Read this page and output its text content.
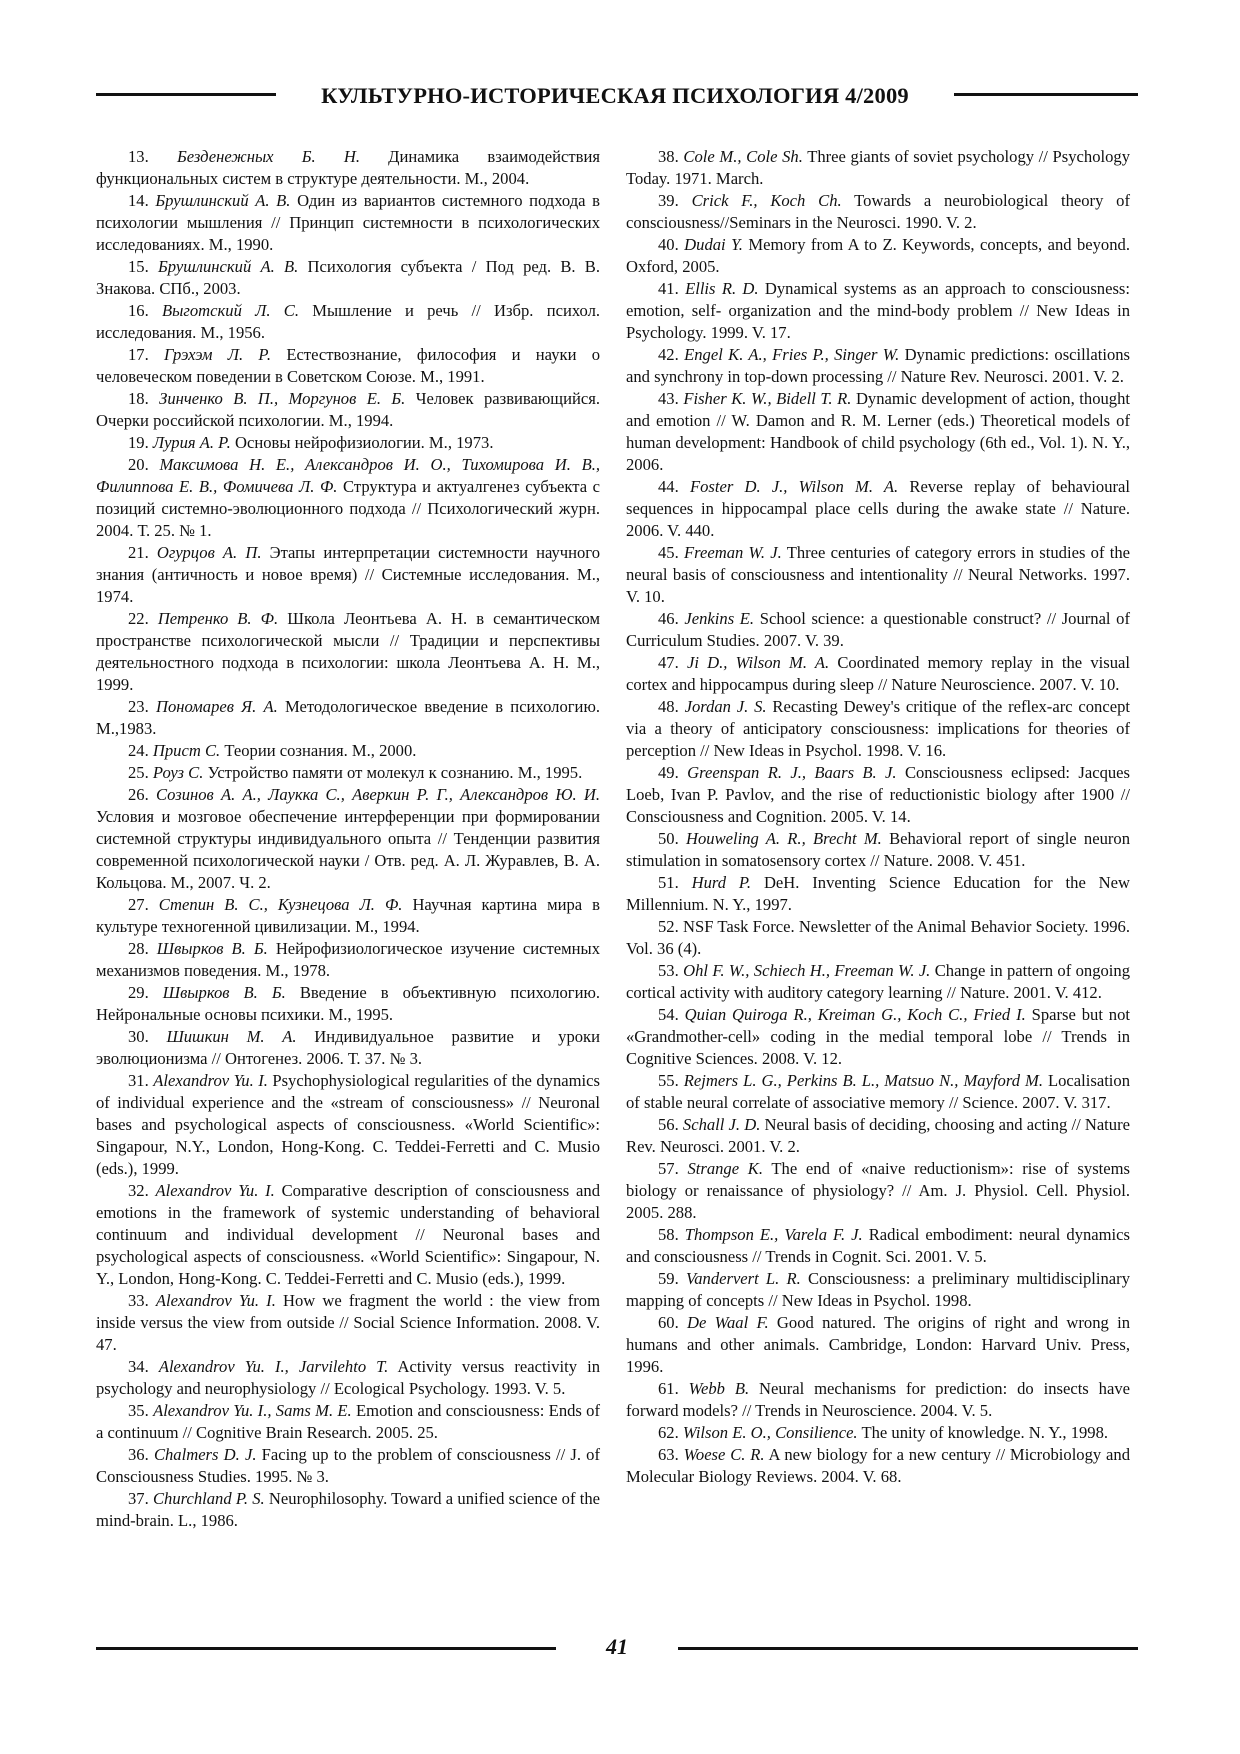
КУЛЬТУРНО-ИСТОРИЧЕСКАЯ ПСИХОЛОГИЯ 4/2009

13. Безденежных Б. Н. Динамика взаимодействия функциональных систем в структуре деятельности. М., 2004.

14. Брушлинский А. В. Один из вариантов системного подхода в психологии мышления // Принцип системности в психологических исследованиях. М., 1990.

15. Брушлинский А. В. Психология субъекта / Под ред. В. В. Знакова. СПб., 2003.

16. Выготский Л. С. Мышление и речь // Избр. психол. исследования. М., 1956.

17. Грэхэм Л. Р. Естествознание, философия и науки о человеческом поведении в Советском Союзе. М., 1991.

18. Зинченко В. П., Моргунов Е. Б. Человек развивающийся. Очерки российской психологии. М., 1994.

19. Лурия А. Р. Основы нейрофизиологии. М., 1973.

20. Максимова Н. Е., Александров И. О., Тихомирова И. В., Филиппова Е. В., Фомичева Л. Ф. Структура и актуалгенез субъекта с позиций системно-эволюционного подхода // Психологический журн. 2004. Т. 25. № 1.

21. Огурцов А. П. Этапы интерпретации системности научного знания (античность и новое время) // Системные исследования. М., 1974.

22. Петренко В. Ф. Школа Леонтьева А. Н. в семантическом пространстве психологической мысли // Традиции и перспективы деятельностного подхода в психологии: школа Леонтьева А. Н. М., 1999.

23. Пономарев Я. А. Методологическое введение в психологию. М.,1983.

24. Прист С. Теории сознания. М., 2000.

25. Роуз С. Устройство памяти от молекул к сознанию. М., 1995.

26. Созинов А. А., Лаукка С., Аверкин Р. Г., Александров Ю. И. Условия и мозговое обеспечение интерференции при формировании системной структуры индивидуального опыта // Тенденции развития современной психологической науки / Отв. ред. А. Л. Журавлев, В. А. Кольцова. М., 2007. Ч. 2.

27. Степин В. С., Кузнецова Л. Ф. Научная картина мира в культуре техногенной цивилизации. М., 1994.

28. Швырков В. Б. Нейрофизиологическое изучение системных механизмов поведения. М., 1978.

29. Швырков В. Б. Введение в объективную психологию. Нейрональные основы психики. М., 1995.

30. Шишкин М. А. Индивидуальное развитие и уроки эволюционизма // Онтогенез. 2006. Т. 37. № 3.

31. Alexandrov Yu. I. Psychophysiological regularities of the dynamics of individual experience and the «stream of consciousness» // Neuronal bases and psychological aspects of consciousness. «World Scientific»: Singapour, N.Y., London, Hong-Kong. C. Teddei-Ferretti and C. Musio (eds.), 1999.

32. Alexandrov Yu. I. Comparative description of consciousness and emotions in the framework of systemic understanding of behavioral continuum and individual development // Neuronal bases and psychological aspects of consciousness. «World Scientific»: Singapour, N. Y., London, Hong-Kong. C. Teddei-Ferretti and C. Musio (eds.), 1999.

33. Alexandrov Yu. I. How we fragment the world : the view from inside versus the view from outside // Social Science Information. 2008. V. 47.

34. Alexandrov Yu. I., Jarvilehto T. Activity versus reactivity in psychology and neurophysiology // Ecological Psychology. 1993. V. 5.

35. Alexandrov Yu. I., Sams M. E. Emotion and consciousness: Ends of a continuum // Cognitive Brain Research. 2005. 25.

36. Chalmers D. J. Facing up to the problem of consciousness // J. of Consciousness Studies. 1995. № 3.

37. Churchland P. S. Neurophilosophy. Toward a unified science of the mind-brain. L., 1986.

38. Cole M., Cole Sh. Three giants of soviet psychology // Psychology Today. 1971. March.

39. Crick F., Koch Ch. Towards a neurobiological theory of consciousness//Seminars in the Neurosci. 1990. V. 2.

40. Dudai Y. Memory from A to Z. Keywords, concepts, and beyond. Oxford, 2005.

41. Ellis R. D. Dynamical systems as an approach to consciousness: emotion, self- organization and the mind-body problem // New Ideas in Psychology. 1999. V. 17.

42. Engel K. A., Fries P., Singer W. Dynamic predictions: oscillations and synchrony in top-down processing // Nature Rev. Neurosci. 2001. V. 2.

43. Fisher K. W., Bidell T. R. Dynamic development of action, thought and emotion // W. Damon and R. M. Lerner (eds.) Theoretical models of human development: Handbook of child psychology (6th ed., Vol. 1). N. Y., 2006.

44. Foster D. J., Wilson M. A. Reverse replay of behavioural sequences in hippocampal place cells during the awake state // Nature. 2006. V. 440.

45. Freeman W. J. Three centuries of category errors in studies of the neural basis of consciousness and intentionality // Neural Networks. 1997. V. 10.

46. Jenkins E. School science: a questionable construct? // Journal of Curriculum Studies. 2007. V. 39.

47. Ji D., Wilson M. A. Coordinated memory replay in the visual cortex and hippocampus during sleep // Nature Neuroscience. 2007. V. 10.

48. Jordan J. S. Recasting Dewey's critique of the reflex-arc concept via a theory of anticipatory consciousness: implications for theories of perception // New Ideas in Psychol. 1998. V. 16.

49. Greenspan R. J., Baars B. J. Consciousness eclipsed: Jacques Loeb, Ivan P. Pavlov, and the rise of reductionistic biology after 1900 // Consciousness and Cognition. 2005. V. 14.

50. Houweling A. R., Brecht M. Behavioral report of single neuron stimulation in somatosensory cortex // Nature. 2008. V. 451.

51. Hurd P. DeH. Inventing Science Education for the New Millennium. N. Y., 1997.

52. NSF Task Force. Newsletter of the Animal Behavior Society. 1996. Vol. 36 (4).

53. Ohl F. W., Schiech H., Freeman W. J. Change in pattern of ongoing cortical activity with auditory category learning // Nature. 2001. V. 412.

54. Quian Quiroga R., Kreiman G., Koch C., Fried I. Sparse but not «Grandmother-cell» coding in the medial temporal lobe // Trends in Cognitive Sciences. 2008. V. 12.

55. Rejmers L. G., Perkins B. L., Matsuo N., Mayford M. Localisation of stable neural correlate of associative memory // Science. 2007. V. 317.

56. Schall J. D. Neural basis of deciding, choosing and acting // Nature Rev. Neurosci. 2001. V. 2.

57. Strange K. The end of «naive reductionism»: rise of systems biology or renaissance of physiology? // Am. J. Physiol. Cell. Physiol. 2005. 288.

58. Thompson E., Varela F. J. Radical embodiment: neural dynamics and consciousness // Trends in Cognit. Sci. 2001. V. 5.

59. Vandervert L. R. Consciousness: a preliminary multidisciplinary mapping of concepts // New Ideas in Psychol. 1998.

60. De Waal F. Good natured. The origins of right and wrong in humans and other animals. Cambridge, London: Harvard Univ. Press, 1996.

61. Webb B. Neural mechanisms for prediction: do insects have forward models? // Trends in Neuroscience. 2004. V. 5.

62. Wilson E. O., Consilience. The unity of knowledge. N. Y., 1998.

63. Woese C. R. A new biology for a new century // Microbiology and Molecular Biology Reviews. 2004. V. 68.

41
